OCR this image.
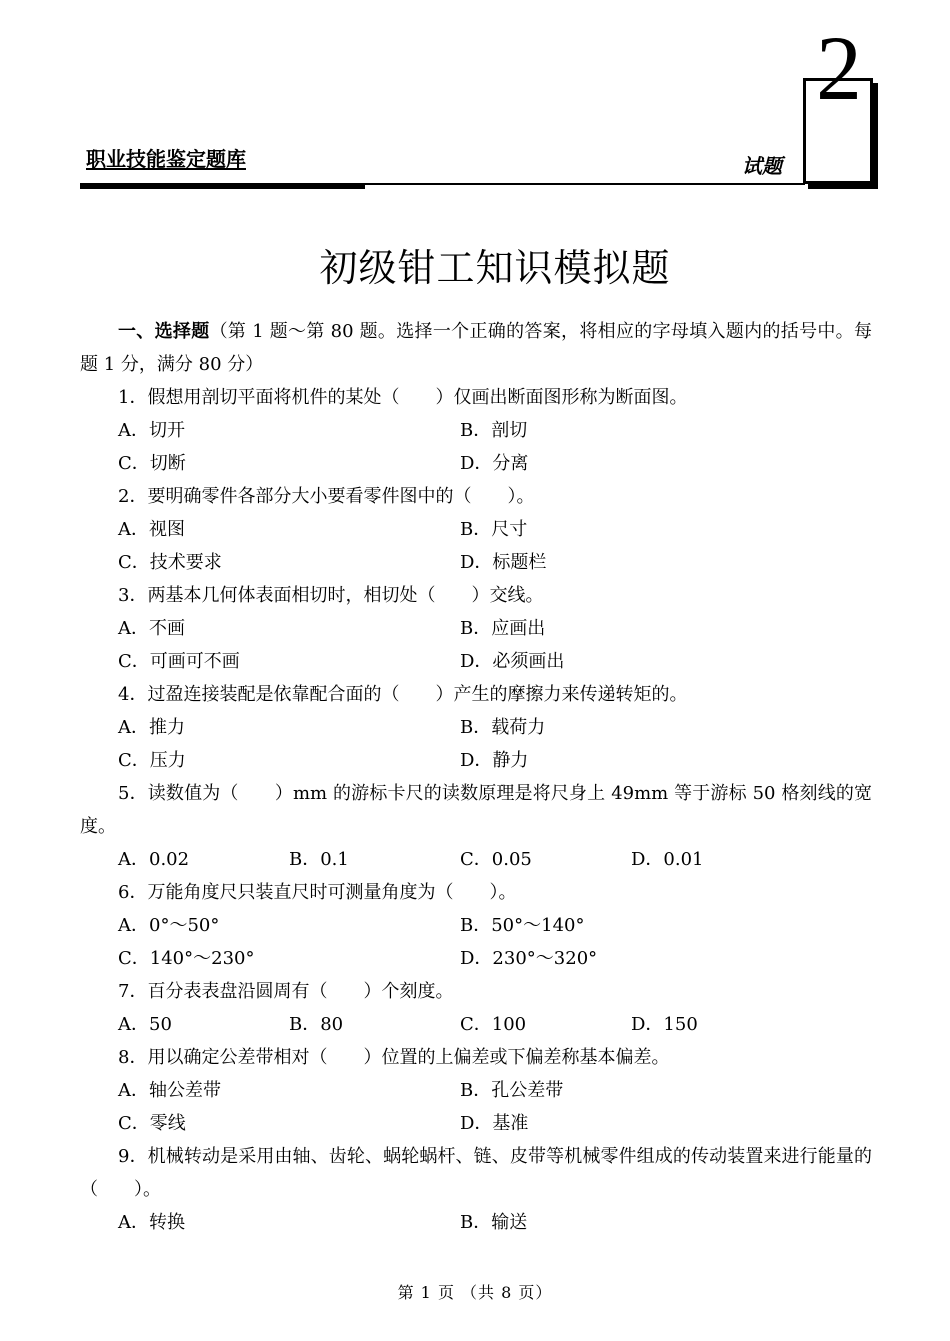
2
职业技能鉴定题库	试题
初级钳工知识模拟题
一、选择题（第 1 题～第 80 题。选择一个正确的答案，将相应的字母填入题内的括号中。每题 1 分，满分 80 分）
1．假想用剖切平面将机件的某处（　　）仅画出断面图形称为断面图。
A．切开	B．剖切
C．切断	D．分离
2．要明确零件各部分大小要看零件图中的（　　）。
A．视图	B．尺寸
C．技术要求	D．标题栏
3．两基本几何体表面相切时，相切处（　　）交线。
A．不画	B．应画出
C．可画可不画	D．必须画出
4．过盈连接装配是依靠配合面的（　　）产生的摩擦力来传递转矩的。
A．推力	B．载荷力
C．压力	D．静力
5．读数值为（　　）mm 的游标卡尺的读数原理是将尺身上 49mm 等于游标 50 格刻线的宽度。
A．0.02	B．0.1	C．0.05	D．0.01
6．万能角度尺只装直尺时可测量角度为（　　）。
A．0°～50°	B．50°～140°
C．140°～230°	D．230°～320°
7．百分表表盘沿圆周有（　　）个刻度。
A．50	B．80	C．100	D．150
8．用以确定公差带相对（　　）位置的上偏差或下偏差称基本偏差。
A．轴公差带	B．孔公差带
C．零线	D．基准
9．机械转动是采用由轴、齿轮、蜗轮蜗杆、链、皮带等机械零件组成的传动装置来进行能量的（　　）。
A．转换	B．输送
第 1 页 （共 8 页）
